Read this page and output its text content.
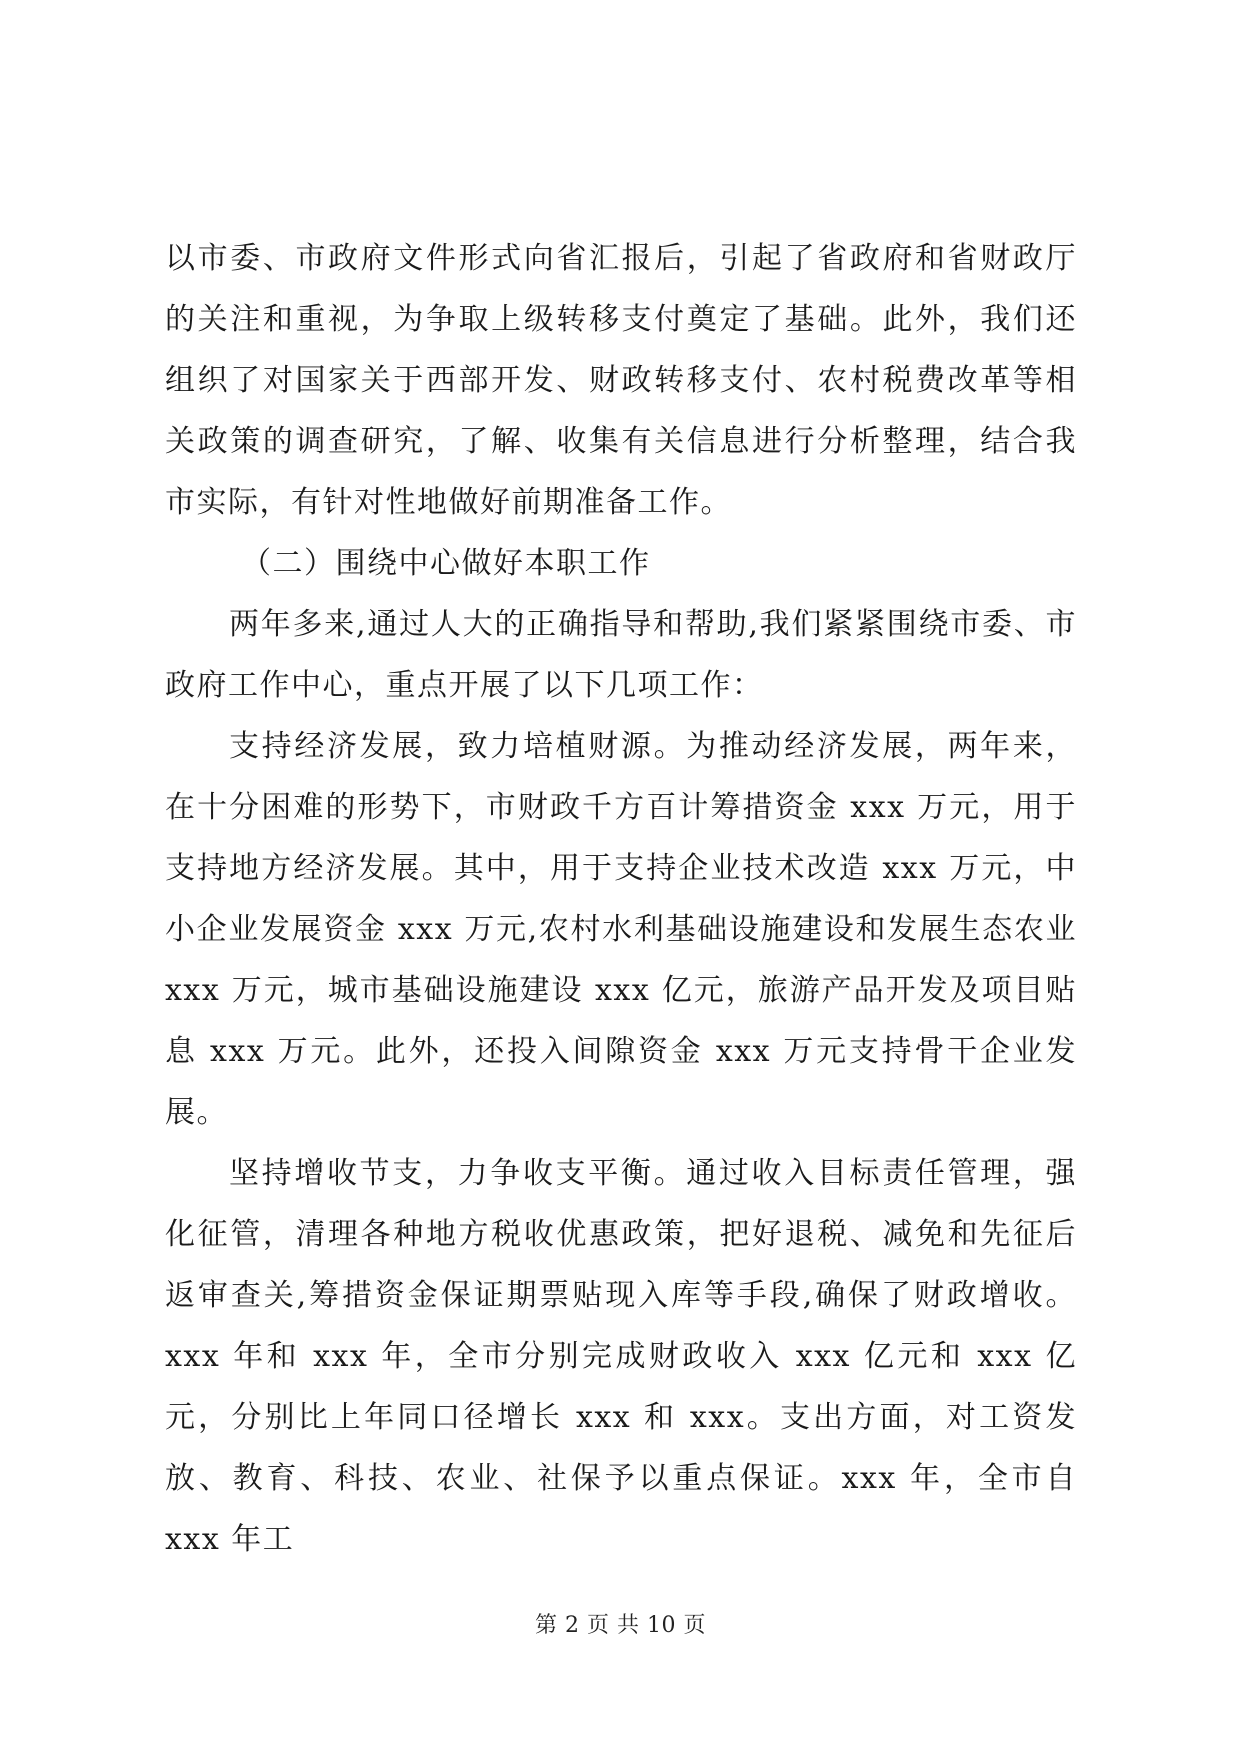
以市委、市政府文件形式向省汇报后，引起了省政府和省财政厅的关注和重视，为争取上级转移支付奠定了基础。此外，我们还组织了对国家关于西部开发、财政转移支付、农村税费改革等相关政策的调查研究，了解、收集有关信息进行分析整理，结合我市实际，有针对性地做好前期准备工作。

（二）围绕中心做好本职工作

两年多来,通过人大的正确指导和帮助,我们紧紧围绕市委、市政府工作中心，重点开展了以下几项工作：

支持经济发展，致力培植财源。为推动经济发展，两年来，在十分困难的形势下，市财政千方百计筹措资金 xxx 万元，用于支持地方经济发展。其中，用于支持企业技术改造 xxx 万元，中小企业发展资金 xxx 万元,农村水利基础设施建设和发展生态农业 xxx 万元，城市基础设施建设 xxx 亿元，旅游产品开发及项目贴息 xxx 万元。此外，还投入间隙资金 xxx 万元支持骨干企业发展。

坚持增收节支，力争收支平衡。通过收入目标责任管理，强化征管，清理各种地方税收优惠政策，把好退税、减免和先征后返审查关,筹措资金保证期票贴现入库等手段,确保了财政增收。xxx 年和 xxx 年，全市分别完成财政收入 xxx 亿元和 xxx 亿元，分别比上年同口径增长 xxx 和 xxx。支出方面，对工资发放、教育、科技、农业、社保予以重点保证。xxx 年，全市自 xxx 年工

第 2 页 共 10 页
